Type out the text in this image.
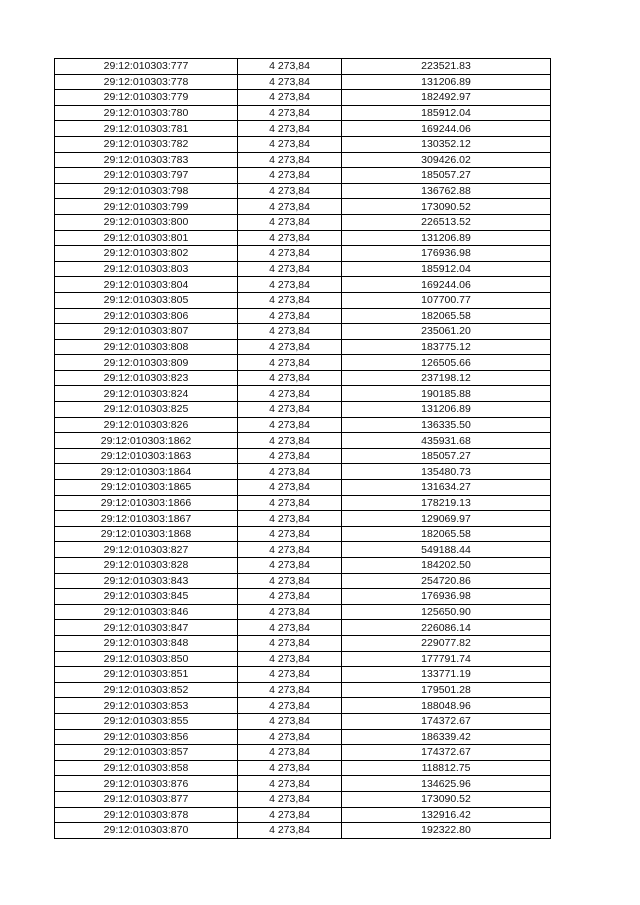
29:12:010303:777	4 273,84	223521.83
29:12:010303:778	4 273,84	131206.89
29:12:010303:779	4 273,84	182492.97
29:12:010303:780	4 273,84	185912.04
29:12:010303:781	4 273,84	169244.06
29:12:010303:782	4 273,84	130352.12
29:12:010303:783	4 273,84	309426.02
29:12:010303:797	4 273,84	185057.27
29:12:010303:798	4 273,84	136762.88
29:12:010303:799	4 273,84	173090.52
29:12:010303:800	4 273,84	226513.52
29:12:010303:801	4 273,84	131206.89
29:12:010303:802	4 273,84	176936.98
29:12:010303:803	4 273,84	185912.04
29:12:010303:804	4 273,84	169244.06
29:12:010303:805	4 273,84	107700.77
29:12:010303:806	4 273,84	182065.58
29:12:010303:807	4 273,84	235061.20
29:12:010303:808	4 273,84	183775.12
29:12:010303:809	4 273,84	126505.66
29:12:010303:823	4 273,84	237198.12
29:12:010303:824	4 273,84	190185.88
29:12:010303:825	4 273,84	131206.89
29:12:010303:826	4 273,84	136335.50
29:12:010303:1862	4 273,84	435931.68
29:12:010303:1863	4 273,84	185057.27
29:12:010303:1864	4 273,84	135480.73
29:12:010303:1865	4 273,84	131634.27
29:12:010303:1866	4 273,84	178219.13
29:12:010303:1867	4 273,84	129069.97
29:12:010303:1868	4 273,84	182065.58
29:12:010303:827	4 273,84	549188.44
29:12:010303:828	4 273,84	184202.50
29:12:010303:843	4 273,84	254720.86
29:12:010303:845	4 273,84	176936.98
29:12:010303:846	4 273,84	125650.90
29:12:010303:847	4 273,84	226086.14
29:12:010303:848	4 273,84	229077.82
29:12:010303:850	4 273,84	177791.74
29:12:010303:851	4 273,84	133771.19
29:12:010303:852	4 273,84	179501.28
29:12:010303:853	4 273,84	188048.96
29:12:010303:855	4 273,84	174372.67
29:12:010303:856	4 273,84	186339.42
29:12:010303:857	4 273,84	174372.67
29:12:010303:858	4 273,84	118812.75
29:12:010303:876	4 273,84	134625.96
29:12:010303:877	4 273,84	173090.52
29:12:010303:878	4 273,84	132916.42
29:12:010303:870	4 273,84	192322.80
